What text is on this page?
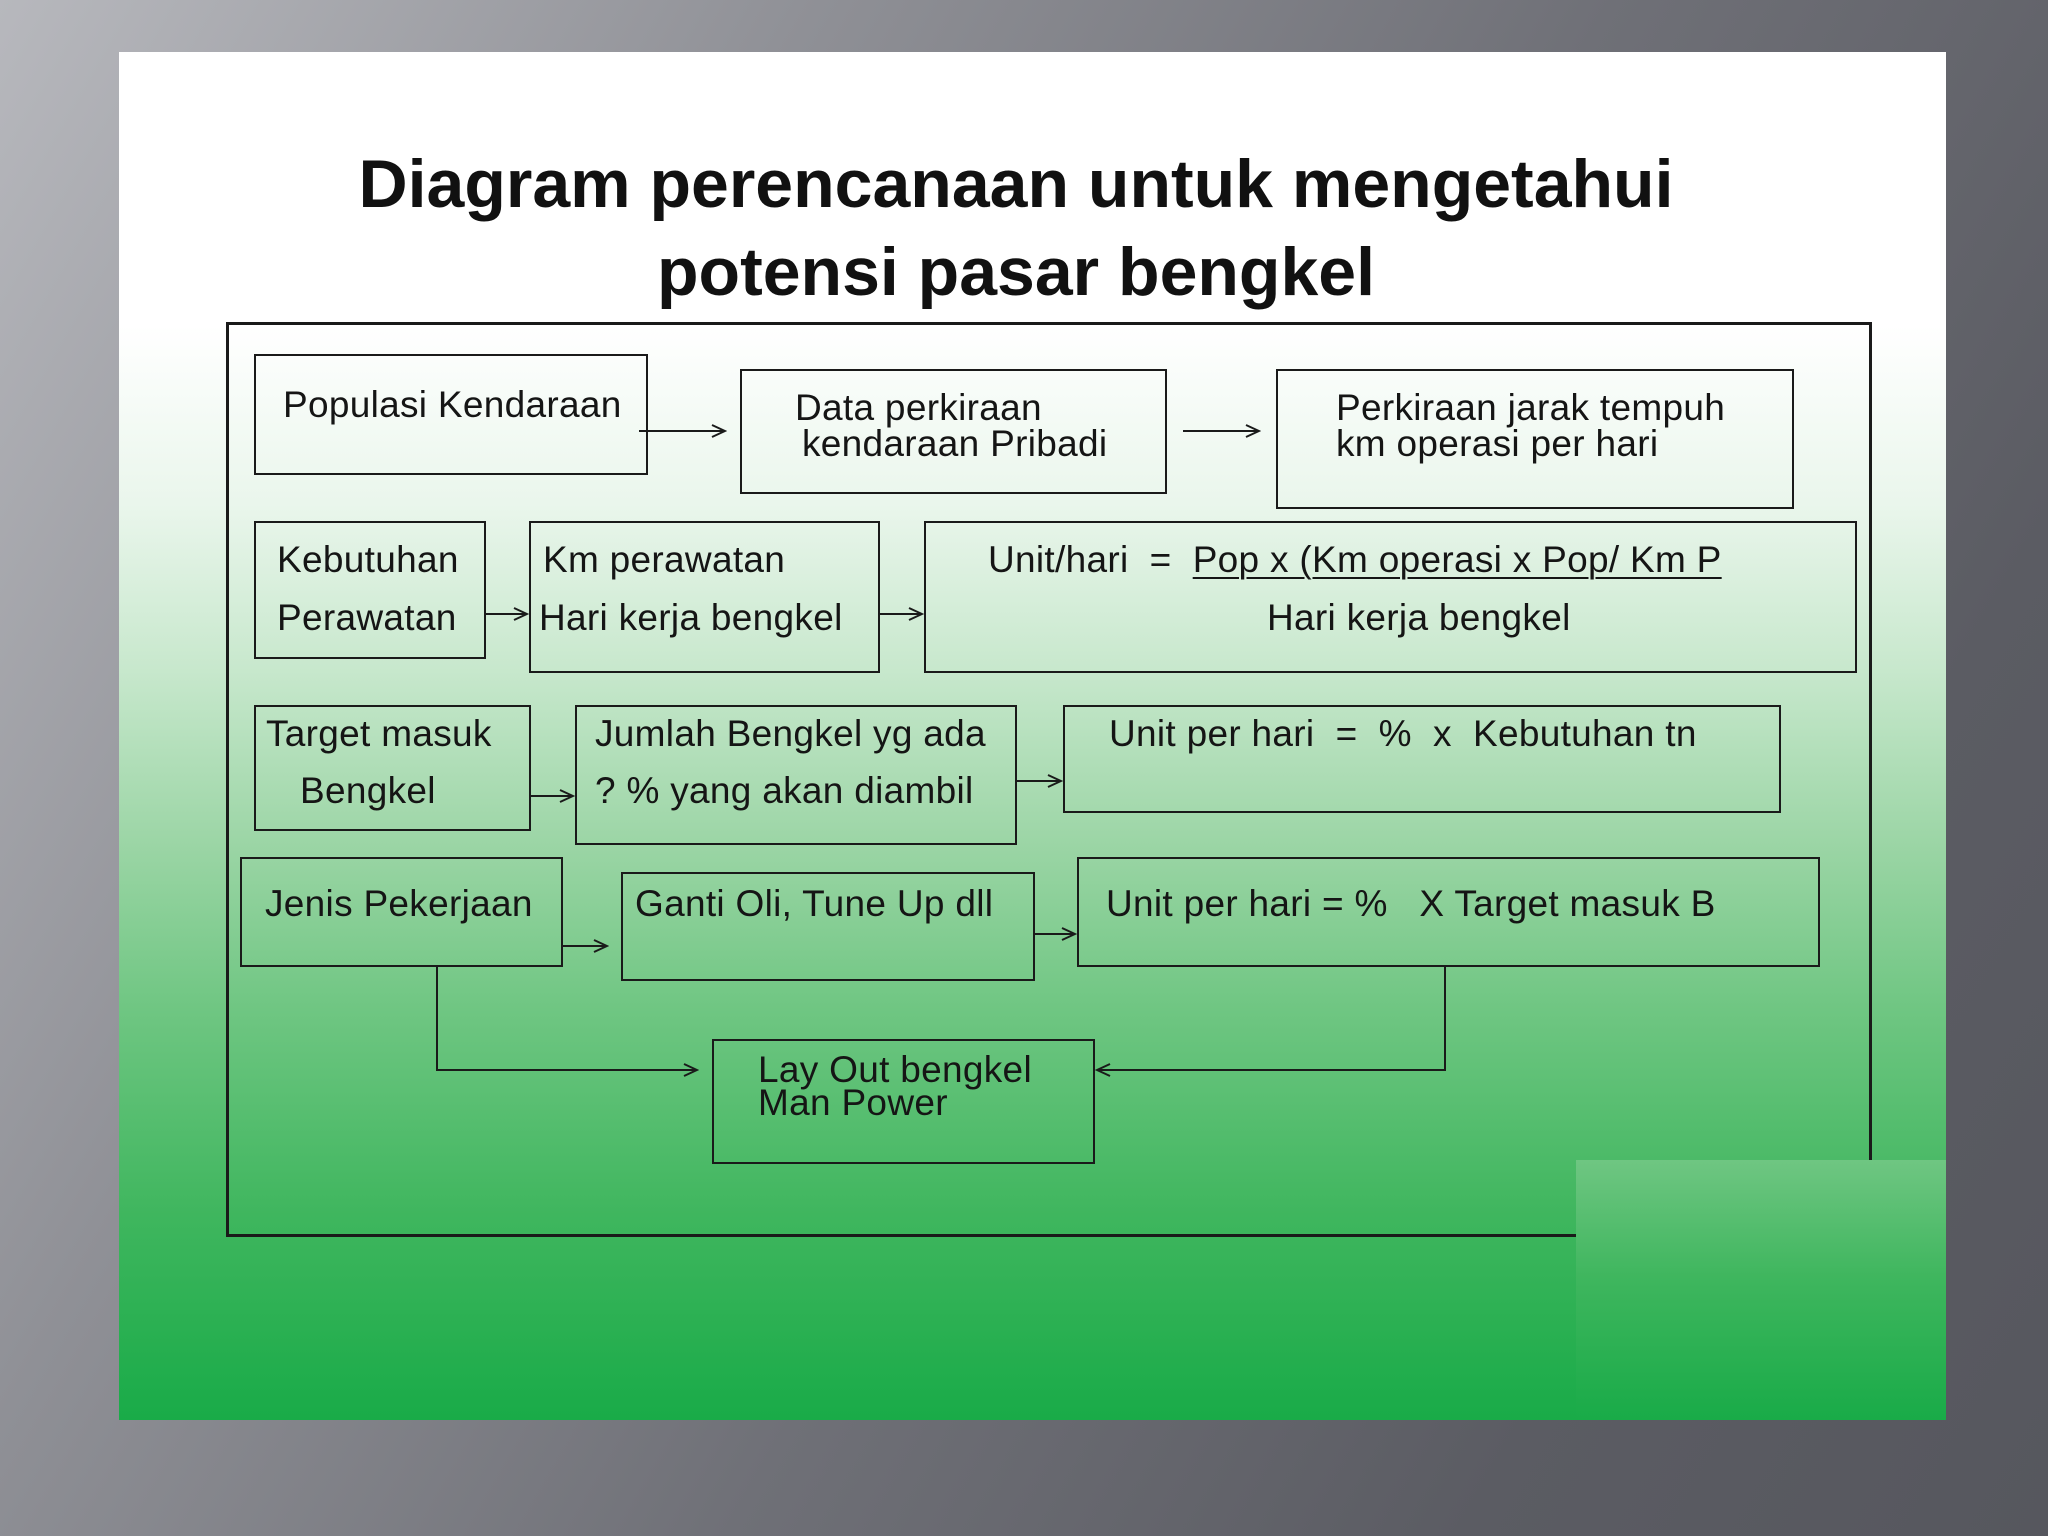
Diagram perencanaan untuk mengetahui
potensi pasar bengkel
Populasi Kendaraan	Data perkiraan
kendaraan Pribadi
Perkiraan jarak tempuh
km operasi per hari
Kebutuhan
Perawatan
Km perawatan
Hari kerja bengkel
Unit/hari  =  Pop x (Km operasi x Pop/ Km P
Hari kerja bengkel
Target masuk
Bengkel
Jumlah Bengkel yg ada
? % yang akan diambil
Unit per hari  =  %  x  Kebutuhan tn
Jenis Pekerjaan	Ganti Oli, Tune Up dll	Unit per hari = %   X Target masuk B
Lay Out bengkel
Man Power
